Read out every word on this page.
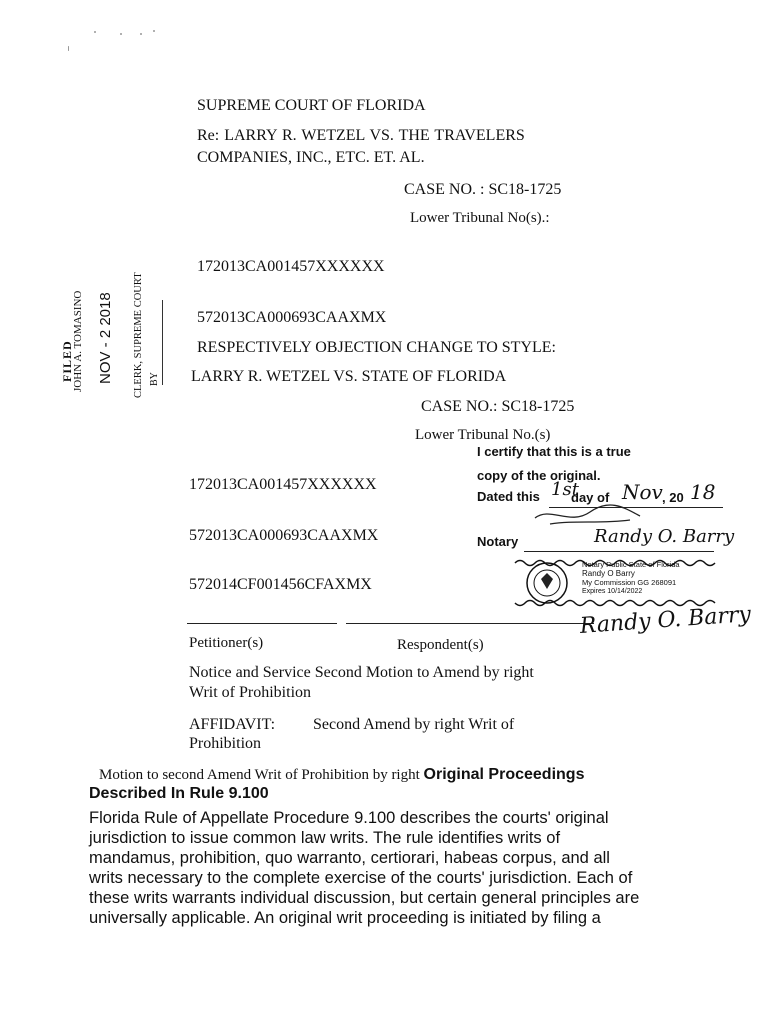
SUPREME COURT OF FLORIDA
Re: LARRY R. WETZEL VS. THE TRAVELERS
COMPANIES, INC., ETC. ET. AL.
CASE NO. : SC18-1725
Lower Tribunal No(s).:
172013CA001457XXXXXX
FILED
JOHN A. TOMASINO NOV - 2 2018 CLERK, SUPREME COURT BY
572013CA000693CAAXMX
RESPECTIVELY OBJECTION CHANGE TO STYLE:
LARRY R. WETZEL VS. STATE OF FLORIDA
CASE NO.: SC18-1725
Lower Tribunal No.(s)
I certify that this is a true
copy of the original.
Dated this 1st
day of Nov , 20 18
Notary	Randy O. Barry
Notary Public State of Florida
Randy O Barry
My Commission GG 268091
Expires 10/14/2022
172013CA001457XXXXXX
572013CA000693CAAXMX
572014CF001456CFAXMX
Petitioner(s)	Respondent(s)
Randy O. Barry
Notice and Service Second Motion to Amend by right
Writ of Prohibition
AFFIDAVIT: Second Amend by right Writ of
Prohibition
Motion to second Amend Writ of Prohibition by right Original Proceedings
Described In Rule 9.100
Florida Rule of Appellate Procedure 9.100 describes the courts' original
jurisdiction to issue common law writs. The rule identifies writs of
mandamus, prohibition, quo warranto, certiorari, habeas corpus, and all
writs necessary to the complete exercise of the courts' jurisdiction. Each of
these writs warrants individual discussion, but certain general principles are
universally applicable. An original writ proceeding is initiated by filing a
